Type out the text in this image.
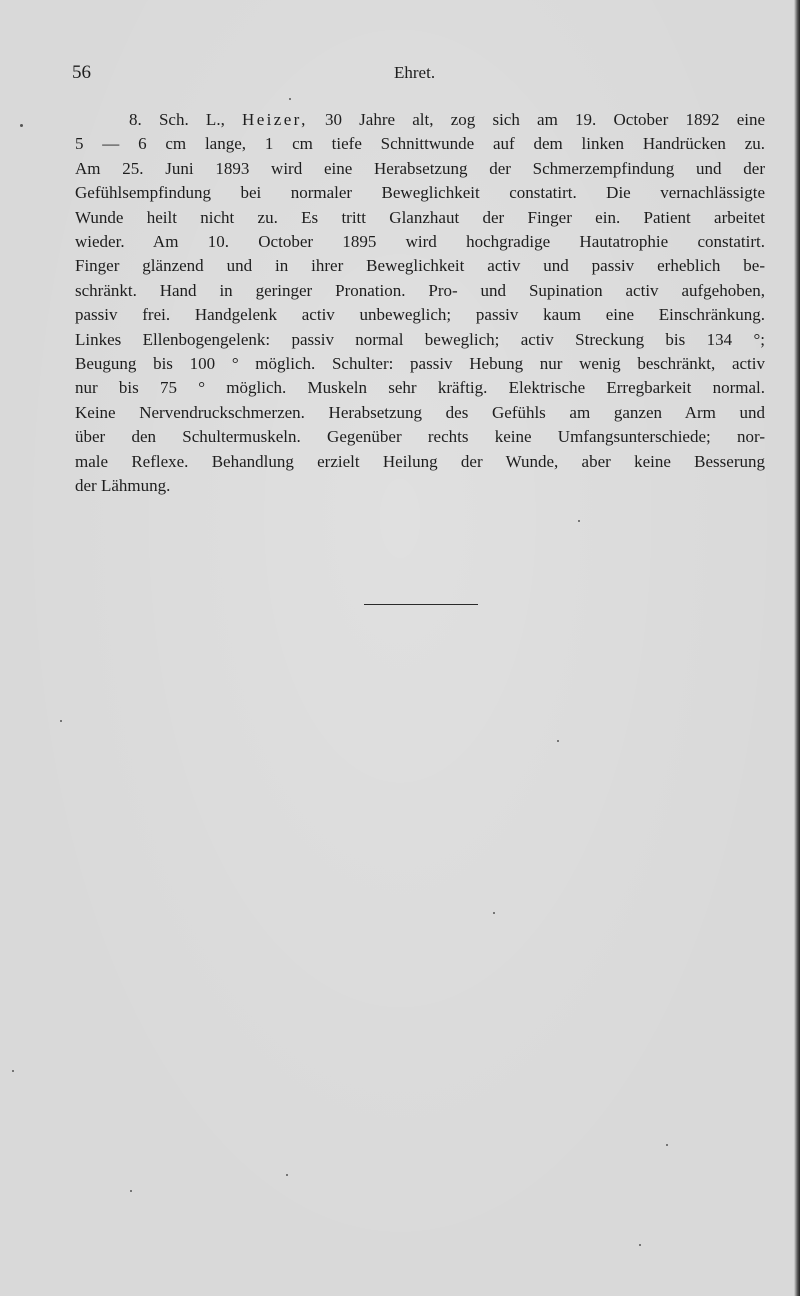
56	Ehret.
8. Sch. L., Heizer, 30 Jahre alt, zog sich am 19. October 1892 eine
5 — 6 cm lange, 1 cm tiefe Schnittwunde auf dem linken Handrücken zu.
Am 25. Juni 1893 wird eine Herabsetzung der Schmerzempfindung und der
Gefühlsempfindung bei normaler Beweglichkeit constatirt. Die vernachlässigte
Wunde heilt nicht zu. Es tritt Glanzhaut der Finger ein. Patient arbeitet
wieder. Am 10. October 1895 wird hochgradige Hautatrophie constatirt.
Finger glänzend und in ihrer Beweglichkeit activ und passiv erheblich be-
schränkt. Hand in geringer Pronation. Pro- und Supination activ aufgehoben,
passiv frei. Handgelenk activ unbeweglich; passiv kaum eine Einschränkung.
Linkes Ellenbogengelenk: passiv normal beweglich; activ Streckung bis 134 °;
Beugung bis 100 ° möglich. Schulter: passiv Hebung nur wenig beschränkt, activ
nur bis 75 ° möglich. Muskeln sehr kräftig. Elektrische Erregbarkeit normal.
Keine Nervendruckschmerzen. Herabsetzung des Gefühls am ganzen Arm und
über den Schultermuskeln. Gegenüber rechts keine Umfangsunterschiede; nor-
male Reflexe. Behandlung erzielt Heilung der Wunde, aber keine Besserung
der Lähmung.
